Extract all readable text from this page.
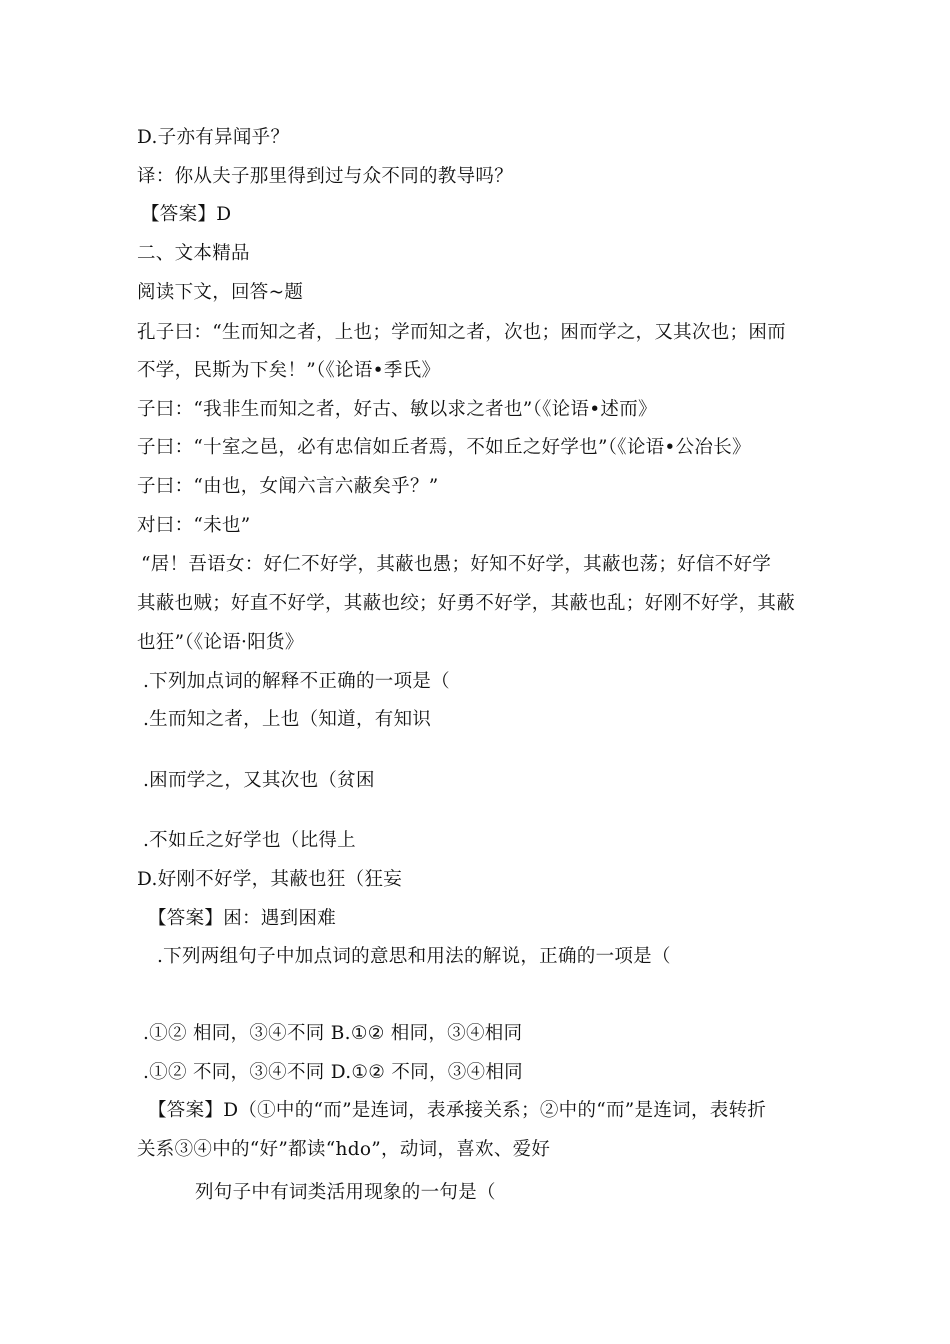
D.子亦有异闻乎？
译：你从夫子那里得到过与众不同的教导吗？
【答案】D
二、文本精品
阅读下文，回答~题
孔子曰：“生而知之者，上也；学而知之者，次也；困而学之，又其次也；困而
不学，民斯为下矣！”（《论语•季氏》
子曰：“我非生而知之者，好古、敏以求之者也”（《论语•述而》
子曰：“十室之邑，必有忠信如丘者焉，不如丘之好学也”（《论语•公冶长》
子曰：“由也，女闻六言六蔽矣乎？”
对曰：“未也”
“居！吾语女：好仁不好学，其蔽也愚；好知不好学，其蔽也荡；好信不好学
其蔽也贼；好直不好学，其蔽也绞；好勇不好学，其蔽也乱；好刚不好学，其蔽
也狂”（《论语·阳货》
.下列加点词的解释不正确的一项是（
.生而知之者，上也（知道，有知识
.困而学之，又其次也（贫困
.不如丘之好学也（比得上
D.好刚不好学，其蔽也狂（狂妄
【答案】困：遇到困难
.下列两组句子中加点词的意思和用法的解说，正确的一项是（
.①② 相同，③④不同 B.①② 相同，③④相同
.①② 不同，③④不同 D.①② 不同，③④相同
【答案】D（①中的“而”是连词，表承接关系；②中的“而”是连词，表转折
关系③④中的“好”都读“hdo”，动词，喜欢、爱好
列句子中有词类活用现象的一句是（
